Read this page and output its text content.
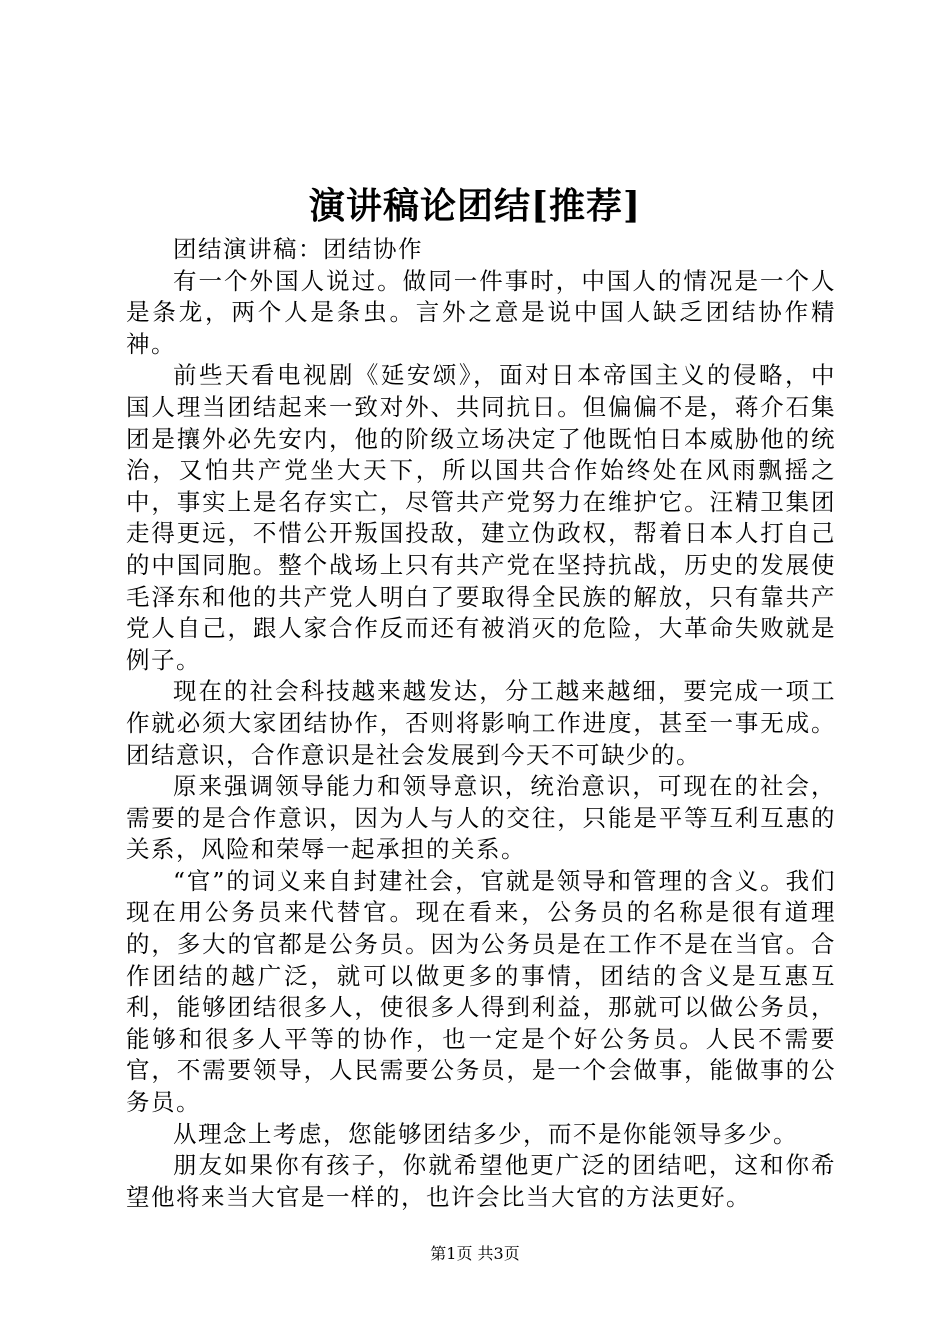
演讲稿论团结[推荐]

团结演讲稿：团结协作

有一个外国人说过。做同一件事时，中国人的情况是一个人是条龙，两个人是条虫。言外之意是说中国人缺乏团结协作精神。

前些天看电视剧《延安颂》，面对日本帝国主义的侵略，中国人理当团结起来一致对外、共同抗日。但偏偏不是，蒋介石集团是攘外必先安内，他的阶级立场决定了他既怕日本威胁他的统治，又怕共产党坐大天下，所以国共合作始终处在风雨飘摇之中，事实上是名存实亡，尽管共产党努力在维护它。汪精卫集团走得更远，不惜公开叛国投敌，建立伪政权，帮着日本人打自己的中国同胞。整个战场上只有共产党在坚持抗战，历史的发展使毛泽东和他的共产党人明白了要取得全民族的解放，只有靠共产党人自己，跟人家合作反而还有被消灭的危险，大革命失败就是例子。

现在的社会科技越来越发达，分工越来越细，要完成一项工作就必须大家团结协作，否则将影响工作进度，甚至一事无成。团结意识，合作意识是社会发展到今天不可缺少的。

原来强调领导能力和领导意识，统治意识，可现在的社会，需要的是合作意识，因为人与人的交往，只能是平等互利互惠的关系，风险和荣辱一起承担的关系。

“官”的词义来自封建社会，官就是领导和管理的含义。我们现在用公务员来代替官。现在看来，公务员的名称是很有道理的，多大的官都是公务员。因为公务员是在工作不是在当官。合作团结的越广泛，就可以做更多的事情，团结的含义是互惠互利，能够团结很多人，使很多人得到利益，那就可以做公务员，能够和很多人平等的协作，也一定是个好公务员。人民不需要官，不需要领导，人民需要公务员，是一个会做事，能做事的公务员。

从理念上考虑，您能够团结多少，而不是你能领导多少。

朋友如果你有孩子，你就希望他更广泛的团结吧，这和你希望他将来当大官是一样的，也许会比当大官的方法更好。

第1页 共3页
